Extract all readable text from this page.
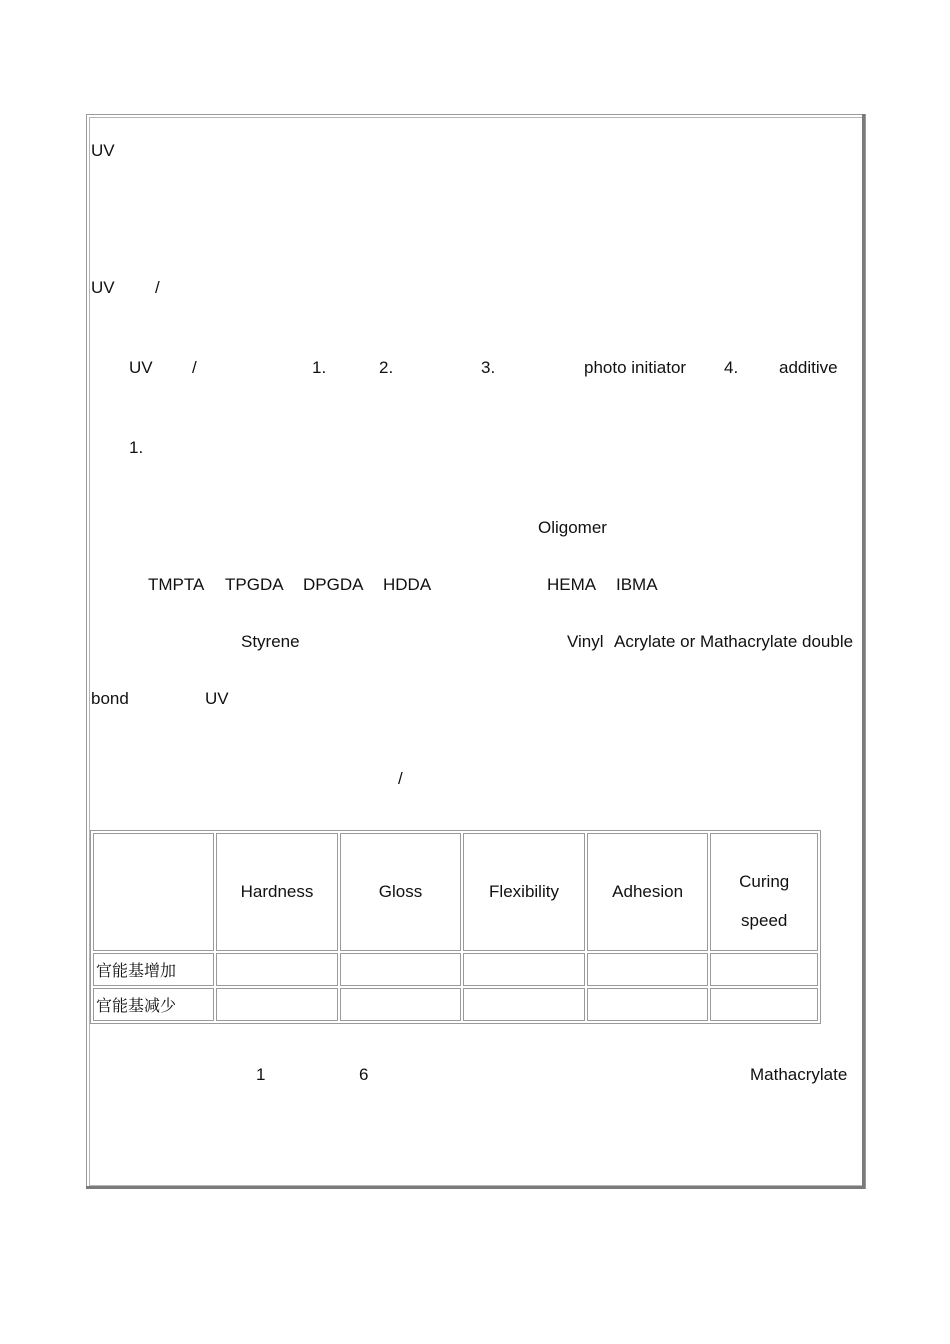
UV
UV /
UV /	1.	2.	3.	photo initiator 4. additive
1.
Oligomer
TMPTA TPGDA DPGDA HDDA	HEMA IBMA
Styrene	Vinyl Acrylate or Mathacrylate double
bond	UV
/
	Hardness	Gloss	Flexibility	Adhesion	Curing
speed
官能基增加					
官能基减少					
1	6	Mathacrylate
